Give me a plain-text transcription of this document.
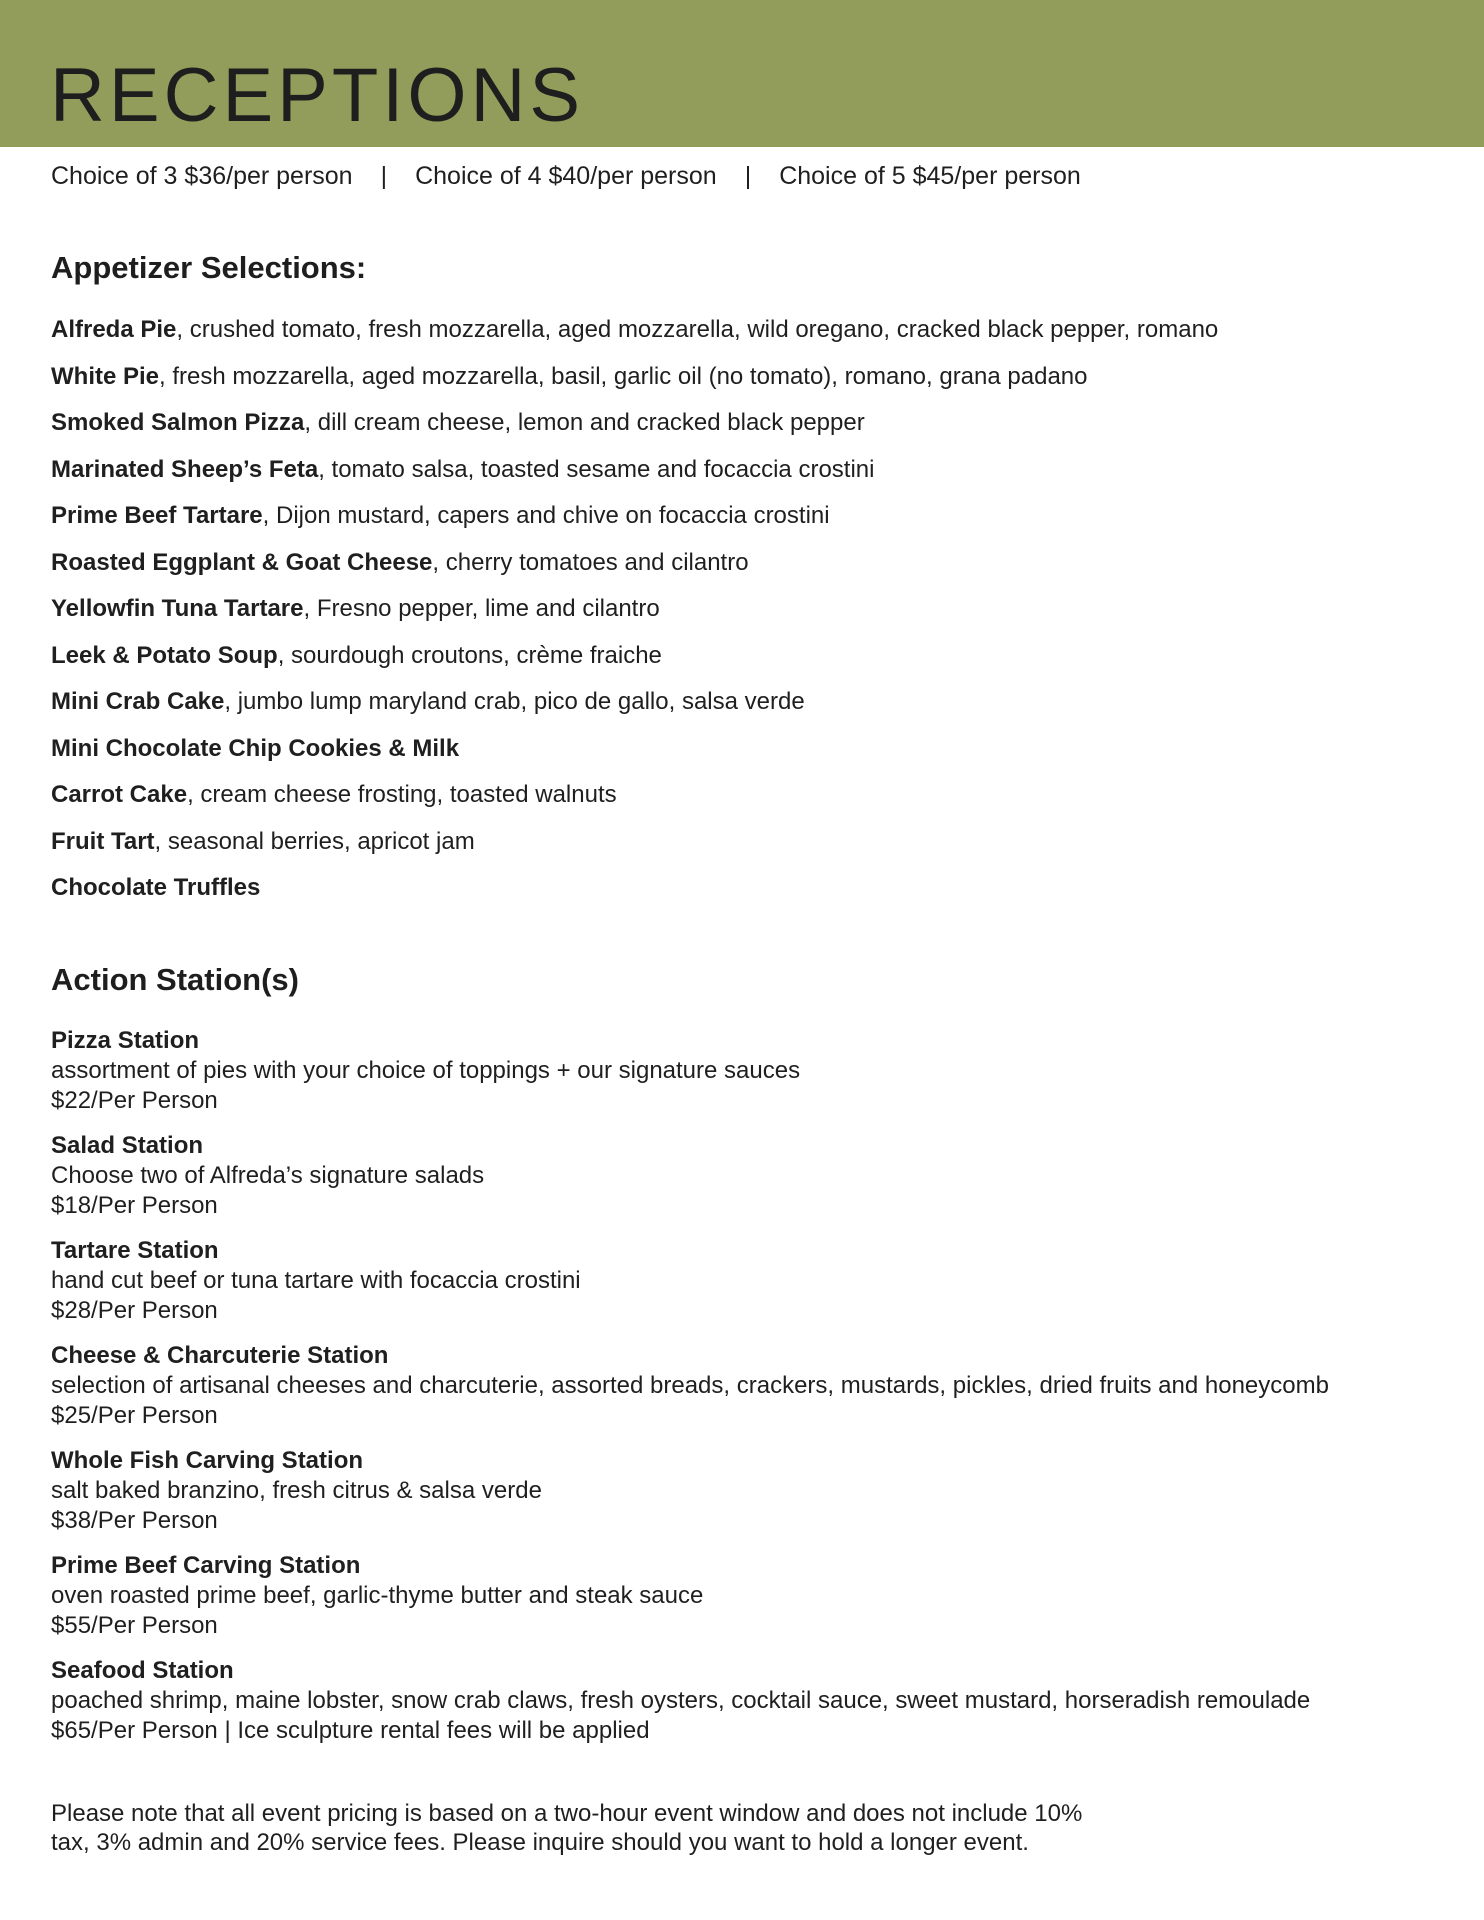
RECEPTIONS
Choice of 3 $36/per person | Choice of 4 $40/per person | Choice of 5 $45/per person
Appetizer Selections:
Alfreda Pie, crushed tomato, fresh mozzarella, aged mozzarella, wild oregano, cracked black pepper, romano
White Pie, fresh mozzarella, aged mozzarella, basil, garlic oil (no tomato), romano, grana padano
Smoked Salmon Pizza, dill cream cheese, lemon and cracked black pepper
Marinated Sheep’s Feta, tomato salsa, toasted sesame and focaccia crostini
Prime Beef Tartare, Dijon mustard, capers and chive on focaccia crostini
Roasted Eggplant & Goat Cheese, cherry tomatoes and cilantro
Yellowfin Tuna Tartare, Fresno pepper, lime and cilantro
Leek & Potato Soup, sourdough croutons, crème fraiche
Mini Crab Cake, jumbo lump maryland crab, pico de gallo, salsa verde
Mini Chocolate Chip Cookies & Milk
Carrot Cake, cream cheese frosting, toasted walnuts
Fruit Tart, seasonal berries, apricot jam
Chocolate Truffles
Action Station(s)
Pizza Station
assortment of pies with your choice of toppings + our signature sauces
$22/Per Person
Salad Station
Choose two of Alfreda’s signature salads
$18/Per Person
Tartare Station
hand cut beef or tuna tartare with focaccia crostini
$28/Per Person
Cheese & Charcuterie Station
selection of artisanal cheeses and charcuterie, assorted breads, crackers, mustards, pickles, dried fruits and honeycomb
$25/Per Person
Whole Fish Carving Station
salt baked branzino, fresh citrus & salsa verde
$38/Per Person
Prime Beef Carving Station
oven roasted prime beef, garlic-thyme butter and steak sauce
$55/Per Person
Seafood Station
poached shrimp, maine lobster, snow crab claws, fresh oysters, cocktail sauce, sweet mustard, horseradish remoulade
$65/Per Person | Ice sculpture rental fees will be applied

Please note that all event pricing is based on a two-hour event window and does not include 10%
tax, 3% admin and 20% service fees. Please inquire should you want to hold a longer event.
